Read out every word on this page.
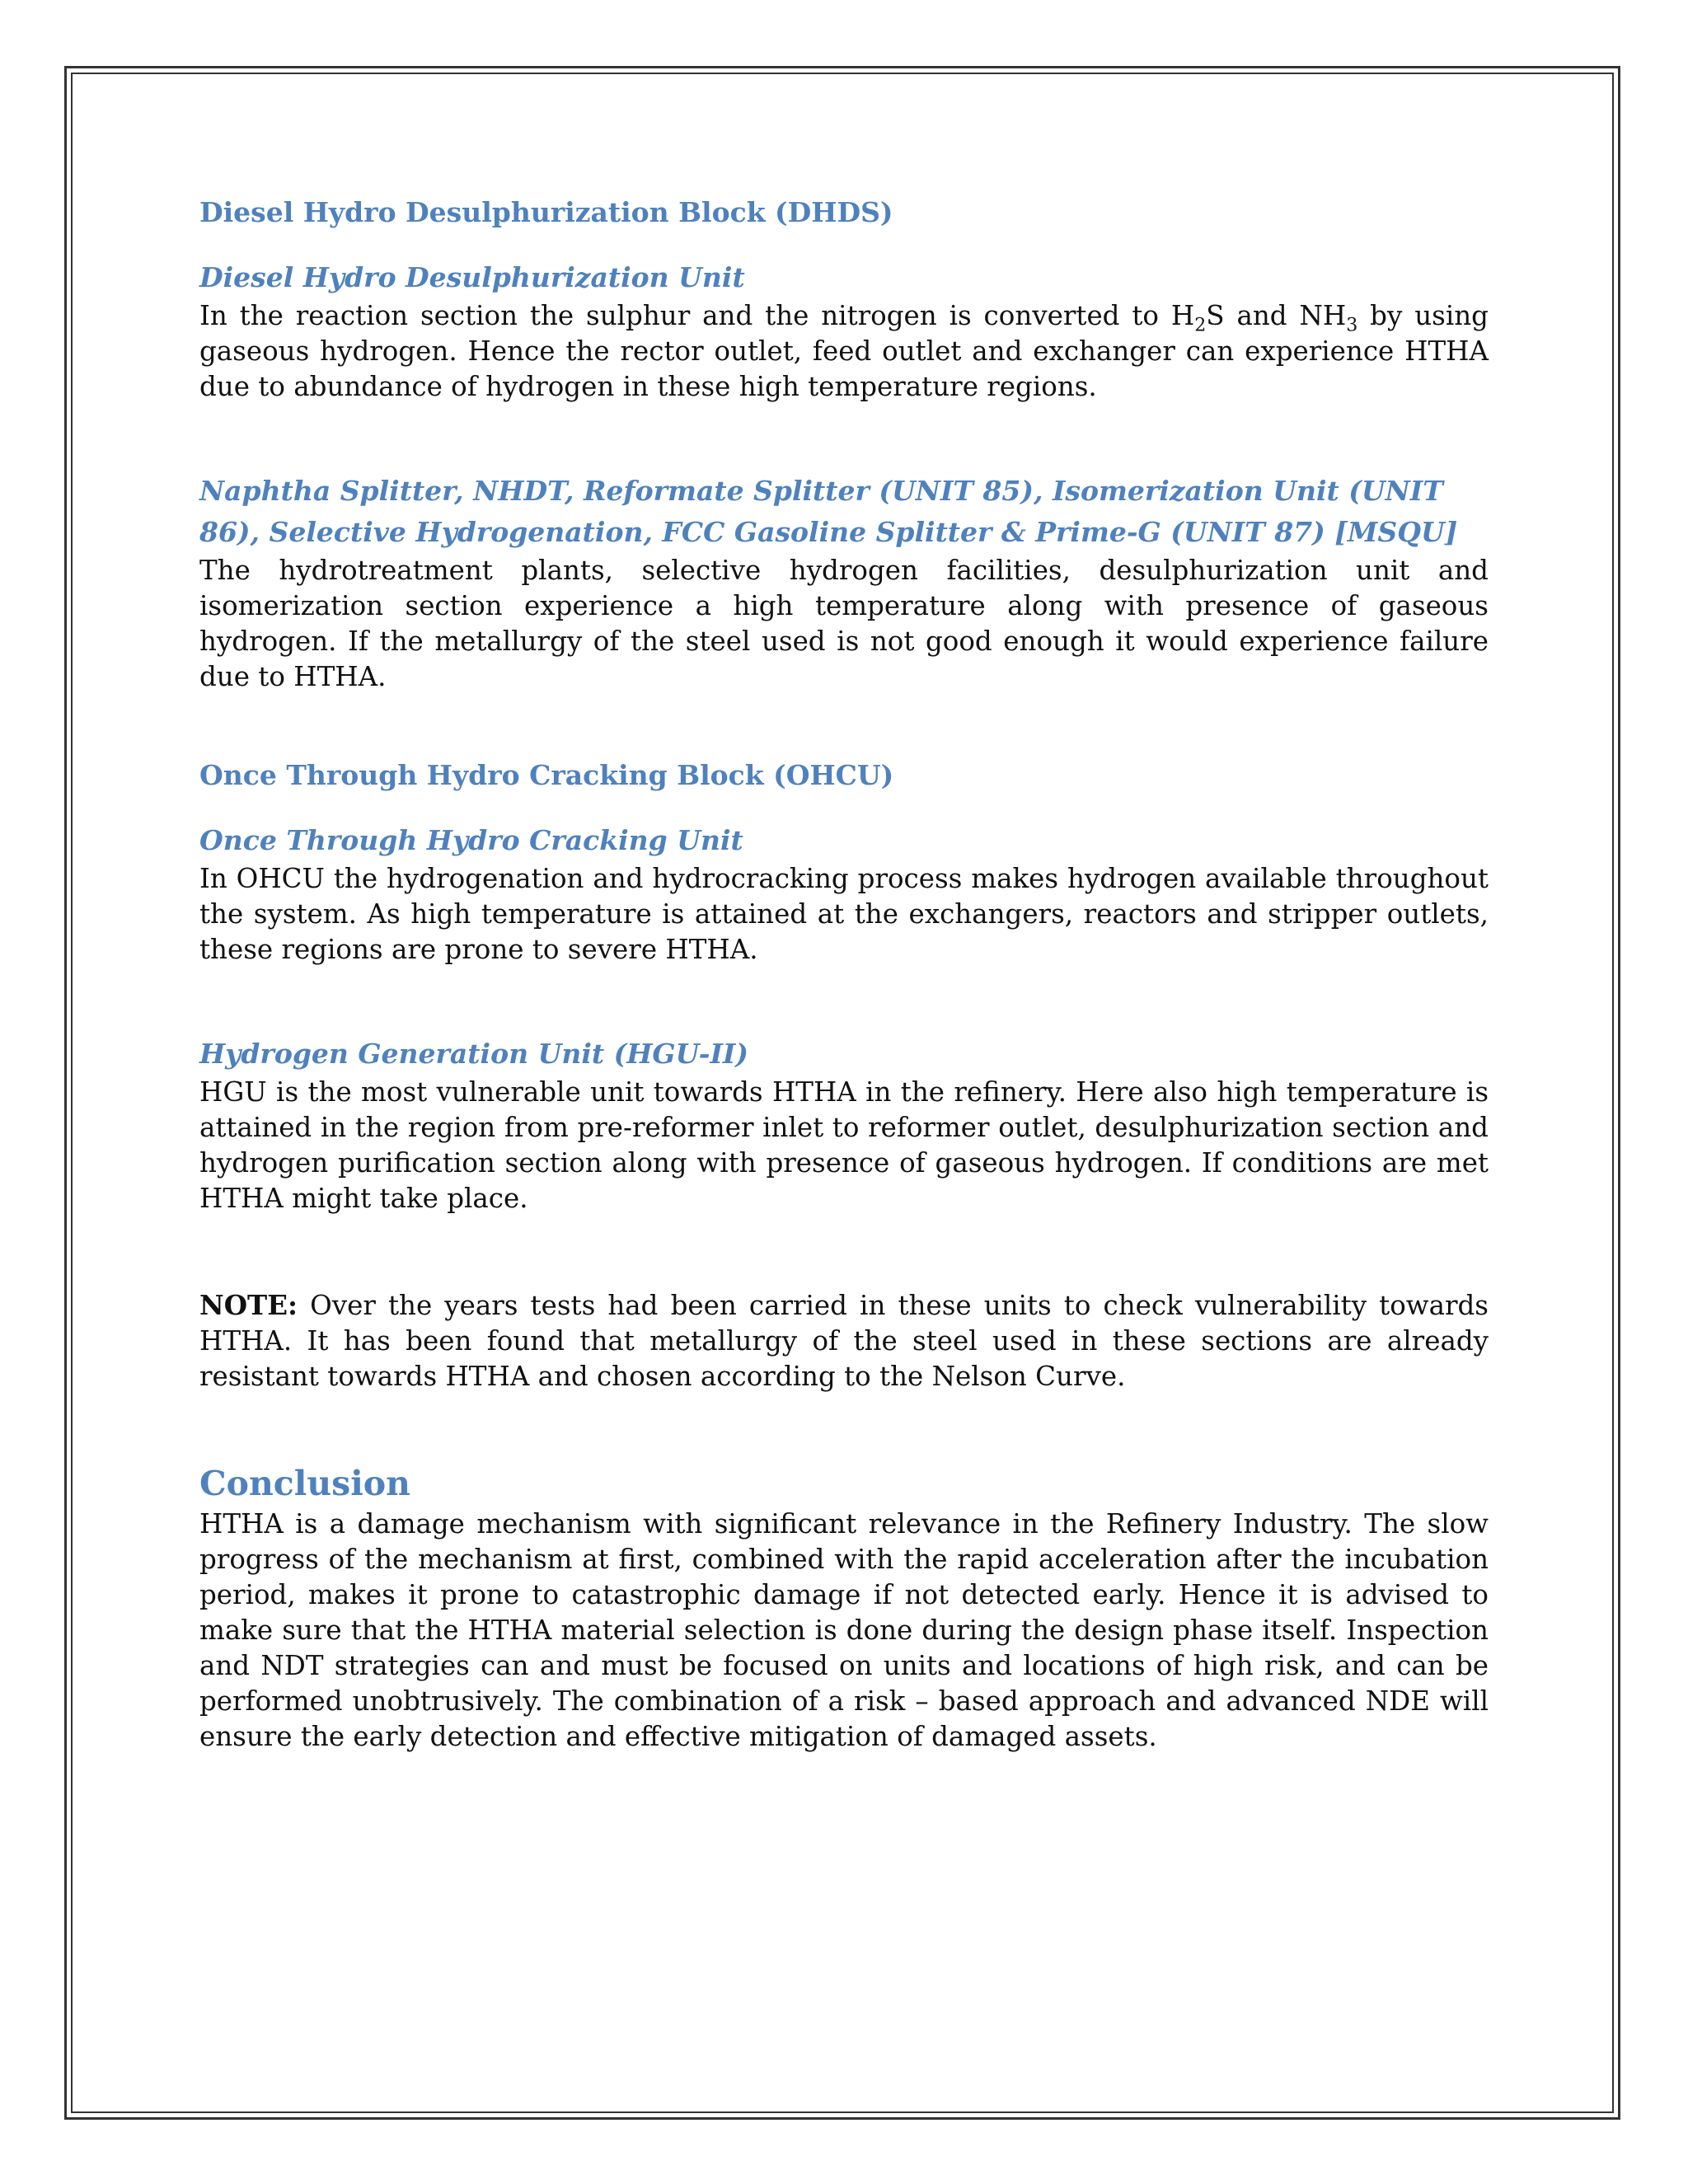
Diesel Hydro Desulphurization Block (DHDS)
Diesel Hydro Desulphurization Unit

In the reaction section the sulphur and the nitrogen is converted to $H_2S$ and $NH_3$ by using gaseous hydrogen. Hence the rector outlet, feed outlet and exchanger can experience HTHA due to abundance of hydrogen in these high temperature regions.

Naphtha Splitter, NHDT, Reformate Splitter (UNIT 85), Isomerization Unit (UNIT 86), Selective Hydrogenation, FCC Gasoline Splitter & Prime-G (UNIT 87) [MSQU]

The hydrotreatment plants, selective hydrogen facilities, desulphurization unit and isomerization section experience a high temperature along with presence of gaseous hydrogen. If the metallurgy of the steel used is not good enough it would experience failure due to HTHA.

Once Through Hydro Cracking Block (OHCU)
Once Through Hydro Cracking Unit

In OHCU the hydrogenation and hydrocracking process makes hydrogen available throughout the system. As high temperature is attained at the exchangers, reactors and stripper outlets, these regions are prone to severe HTHA.

Hydrogen Generation Unit (HGU-II)

HGU is the most vulnerable unit towards HTHA in the refinery. Here also high temperature is attained in the region from pre-reformer inlet to reformer outlet, desulphurization section and hydrogen purification section along with presence of gaseous hydrogen. If conditions are met HTHA might take place.

NOTE: Over the years tests had been carried in these units to check vulnerability towards HTHA. It has been found that metallurgy of the steel used in these sections are already resistant towards HTHA and chosen according to the Nelson Curve.

Conclusion

HTHA is a damage mechanism with significant relevance in the Refinery Industry. The slow progress of the mechanism at first, combined with the rapid acceleration after the incubation period, makes it prone to catastrophic damage if not detected early. Hence it is advised to make sure that the HTHA material selection is done during the design phase itself. Inspection and NDT strategies can and must be focused on units and locations of high risk, and can be performed unobtrusively. The combination of a risk – based approach and advanced NDE will ensure the early detection and effective mitigation of damaged assets.
